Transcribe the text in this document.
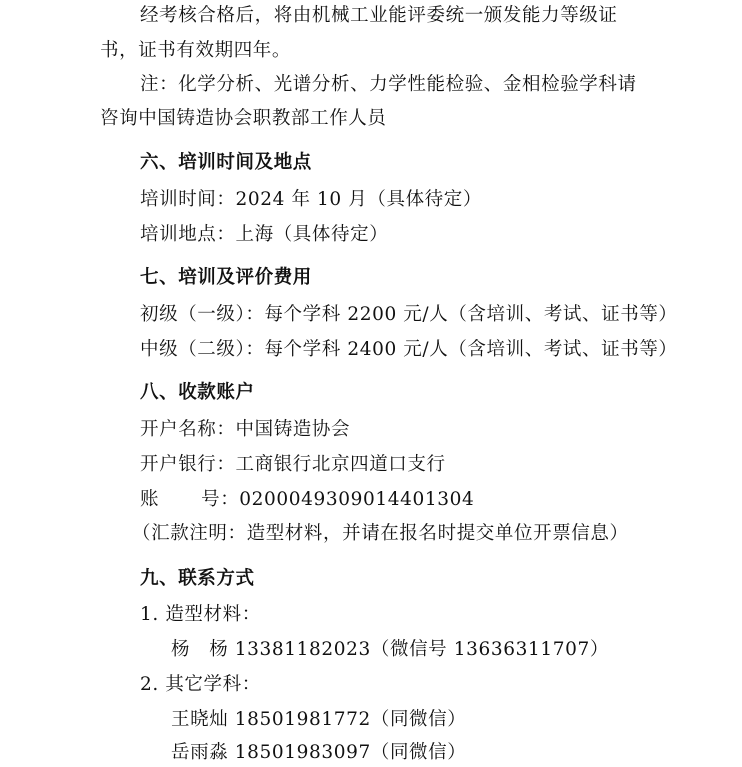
经考核合格后，将由机械工业能评委统一颁发能力等级证
书，证书有效期四年。
注：化学分析、光谱分析、力学性能检验、金相检验学科请
咨询中国铸造协会职教部工作人员
六、培训时间及地点
培训时间：2024 年 10 月（具体待定）
培训地点：上海（具体待定）
七、培训及评价费用
初级（一级）：每个学科 2200 元/人（含培训、考试、证书等）
中级（二级）：每个学科 2400 元/人（含培训、考试、证书等）
八、收款账户
开户名称：中国铸造协会
开户银行：工商银行北京四道口支行
账 号：0200049309014401304
（汇款注明：造型材料，并请在报名时提交单位开票信息）
九、联系方式
1. 造型材料：
杨　杨 13381182023（微信号 13636311707）
2. 其它学科：
王晓灿 18501981772（同微信）
岳雨淼 18501983097（同微信）
